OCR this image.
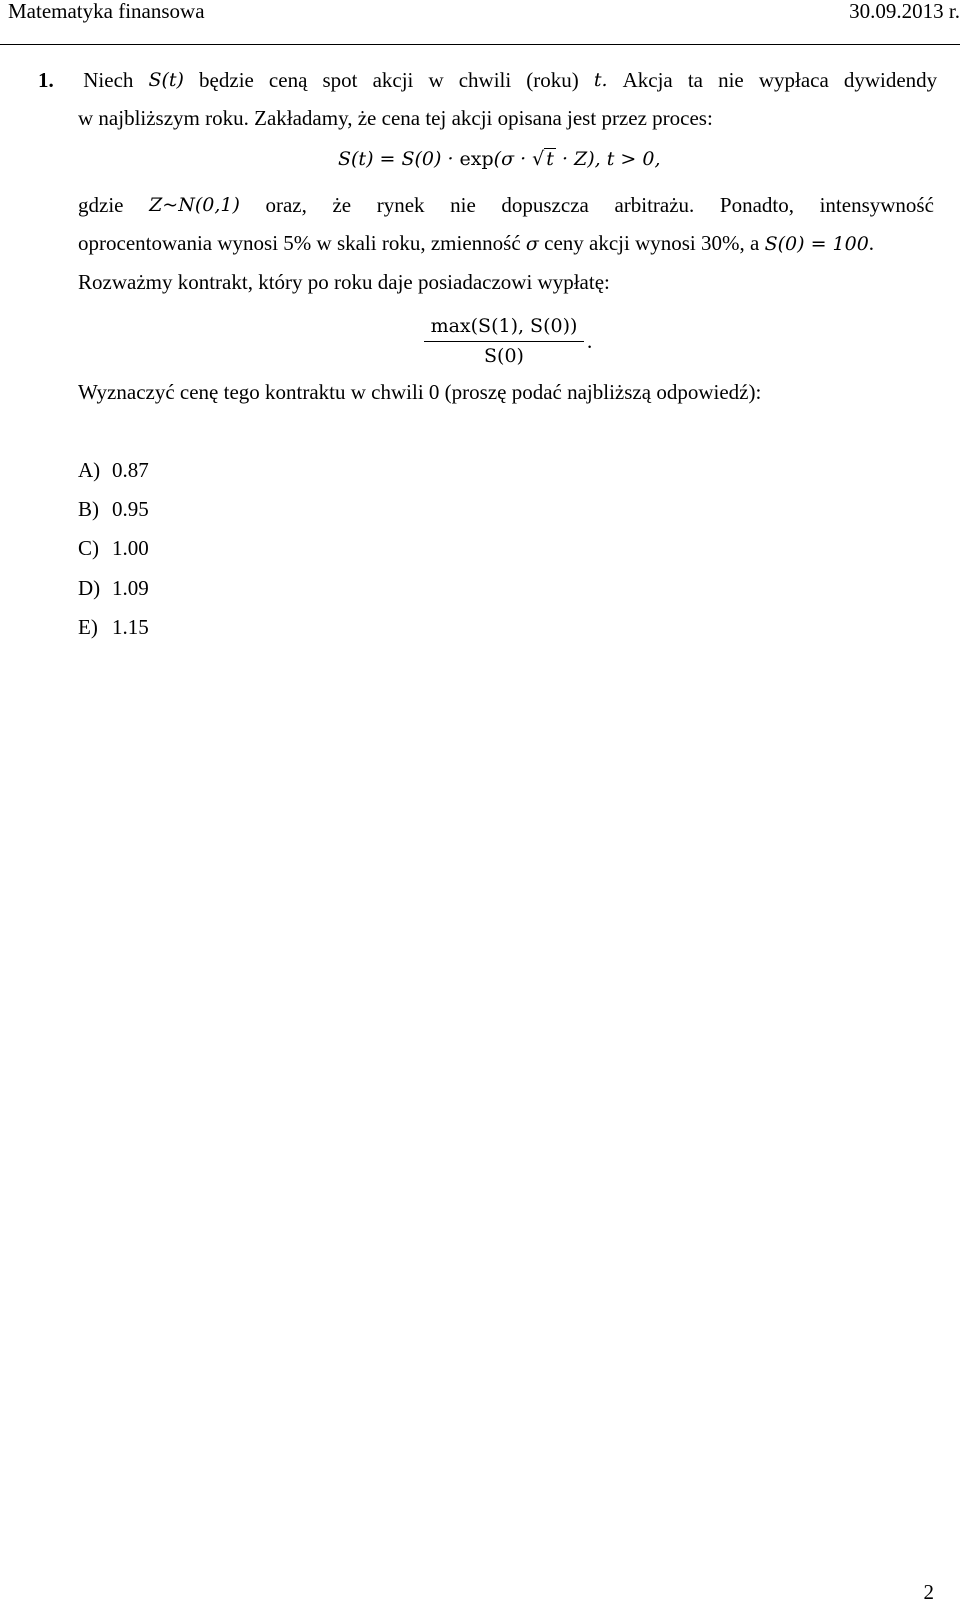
Matematyka finansowa	30.09.2013 r.
1. Niech S(t) będzie ceną spot akcji w chwili (roku) t. Akcja ta nie wypłaca dywidendy
w najbliższym roku. Zakładamy, że cena tej akcji opisana jest przez proces:
S(t) = S(0) · exp(σ · √ t · Z), t > 0,
gdzie Z~N(0,1) oraz, że rynek nie dopuszcza arbitrażu. Ponadto, intensywność
oprocentowania wynosi 5% w skali roku, zmienność σ ceny akcji wynosi 30%, a S(0) = 100.
Rozważmy kontrakt, który po roku daje posiadaczowi wypłatę:
max(S(1), S(0))
S(0)
.
Wyznaczyć cenę tego kontraktu w chwili 0 (proszę podać najbliższą odpowiedź):
A) 0.87
B) 0.95
C) 1.00
D) 1.09
E) 1.15
2
